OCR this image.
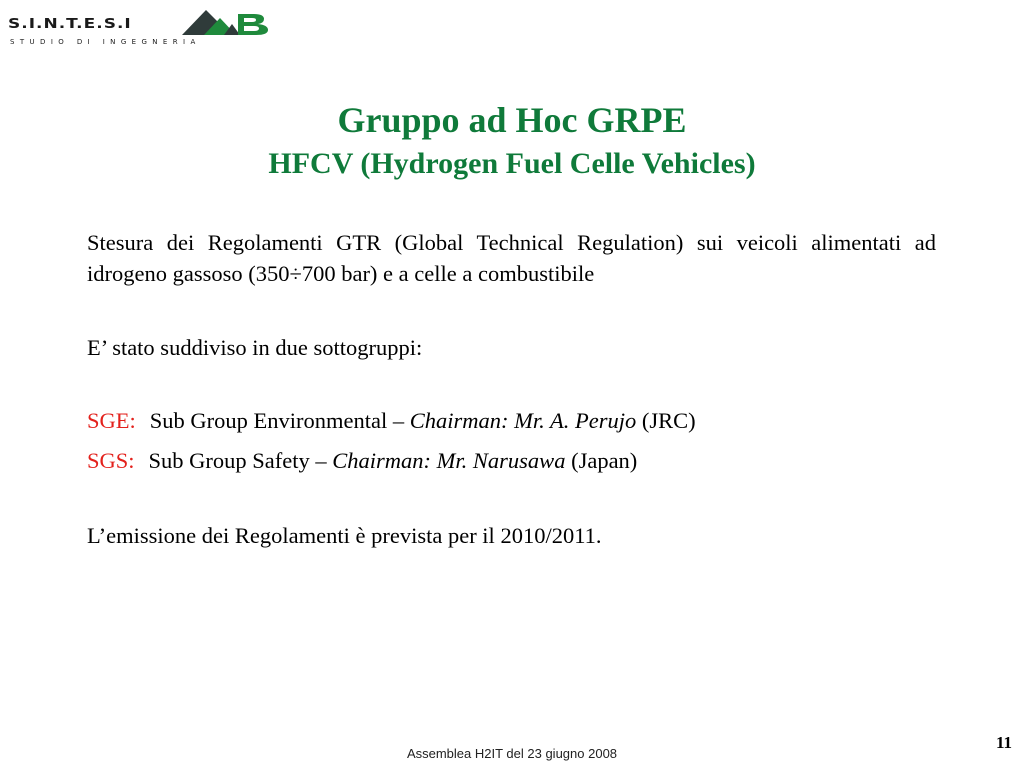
S.I.N.T.E.S.I
STUDIO DI INGEGNERIA
Gruppo ad Hoc GRPE
HFCV (Hydrogen Fuel Celle Vehicles)

Stesura dei Regolamenti GTR (Global Technical Regulation) sui veicoli alimentati ad idrogeno gassoso (350÷700 bar) e a celle a combustibile

E’ stato suddiviso in due sottogruppi:

SGE: Sub Group Environmental – Chairman: Mr. A. Perujo (JRC)

SGS: Sub Group Safety – Chairman: Mr. Narusawa (Japan)

L’emissione dei Regolamenti è prevista per il 2010/2011.

Assemblea H2IT del 23 giugno 2008
11
